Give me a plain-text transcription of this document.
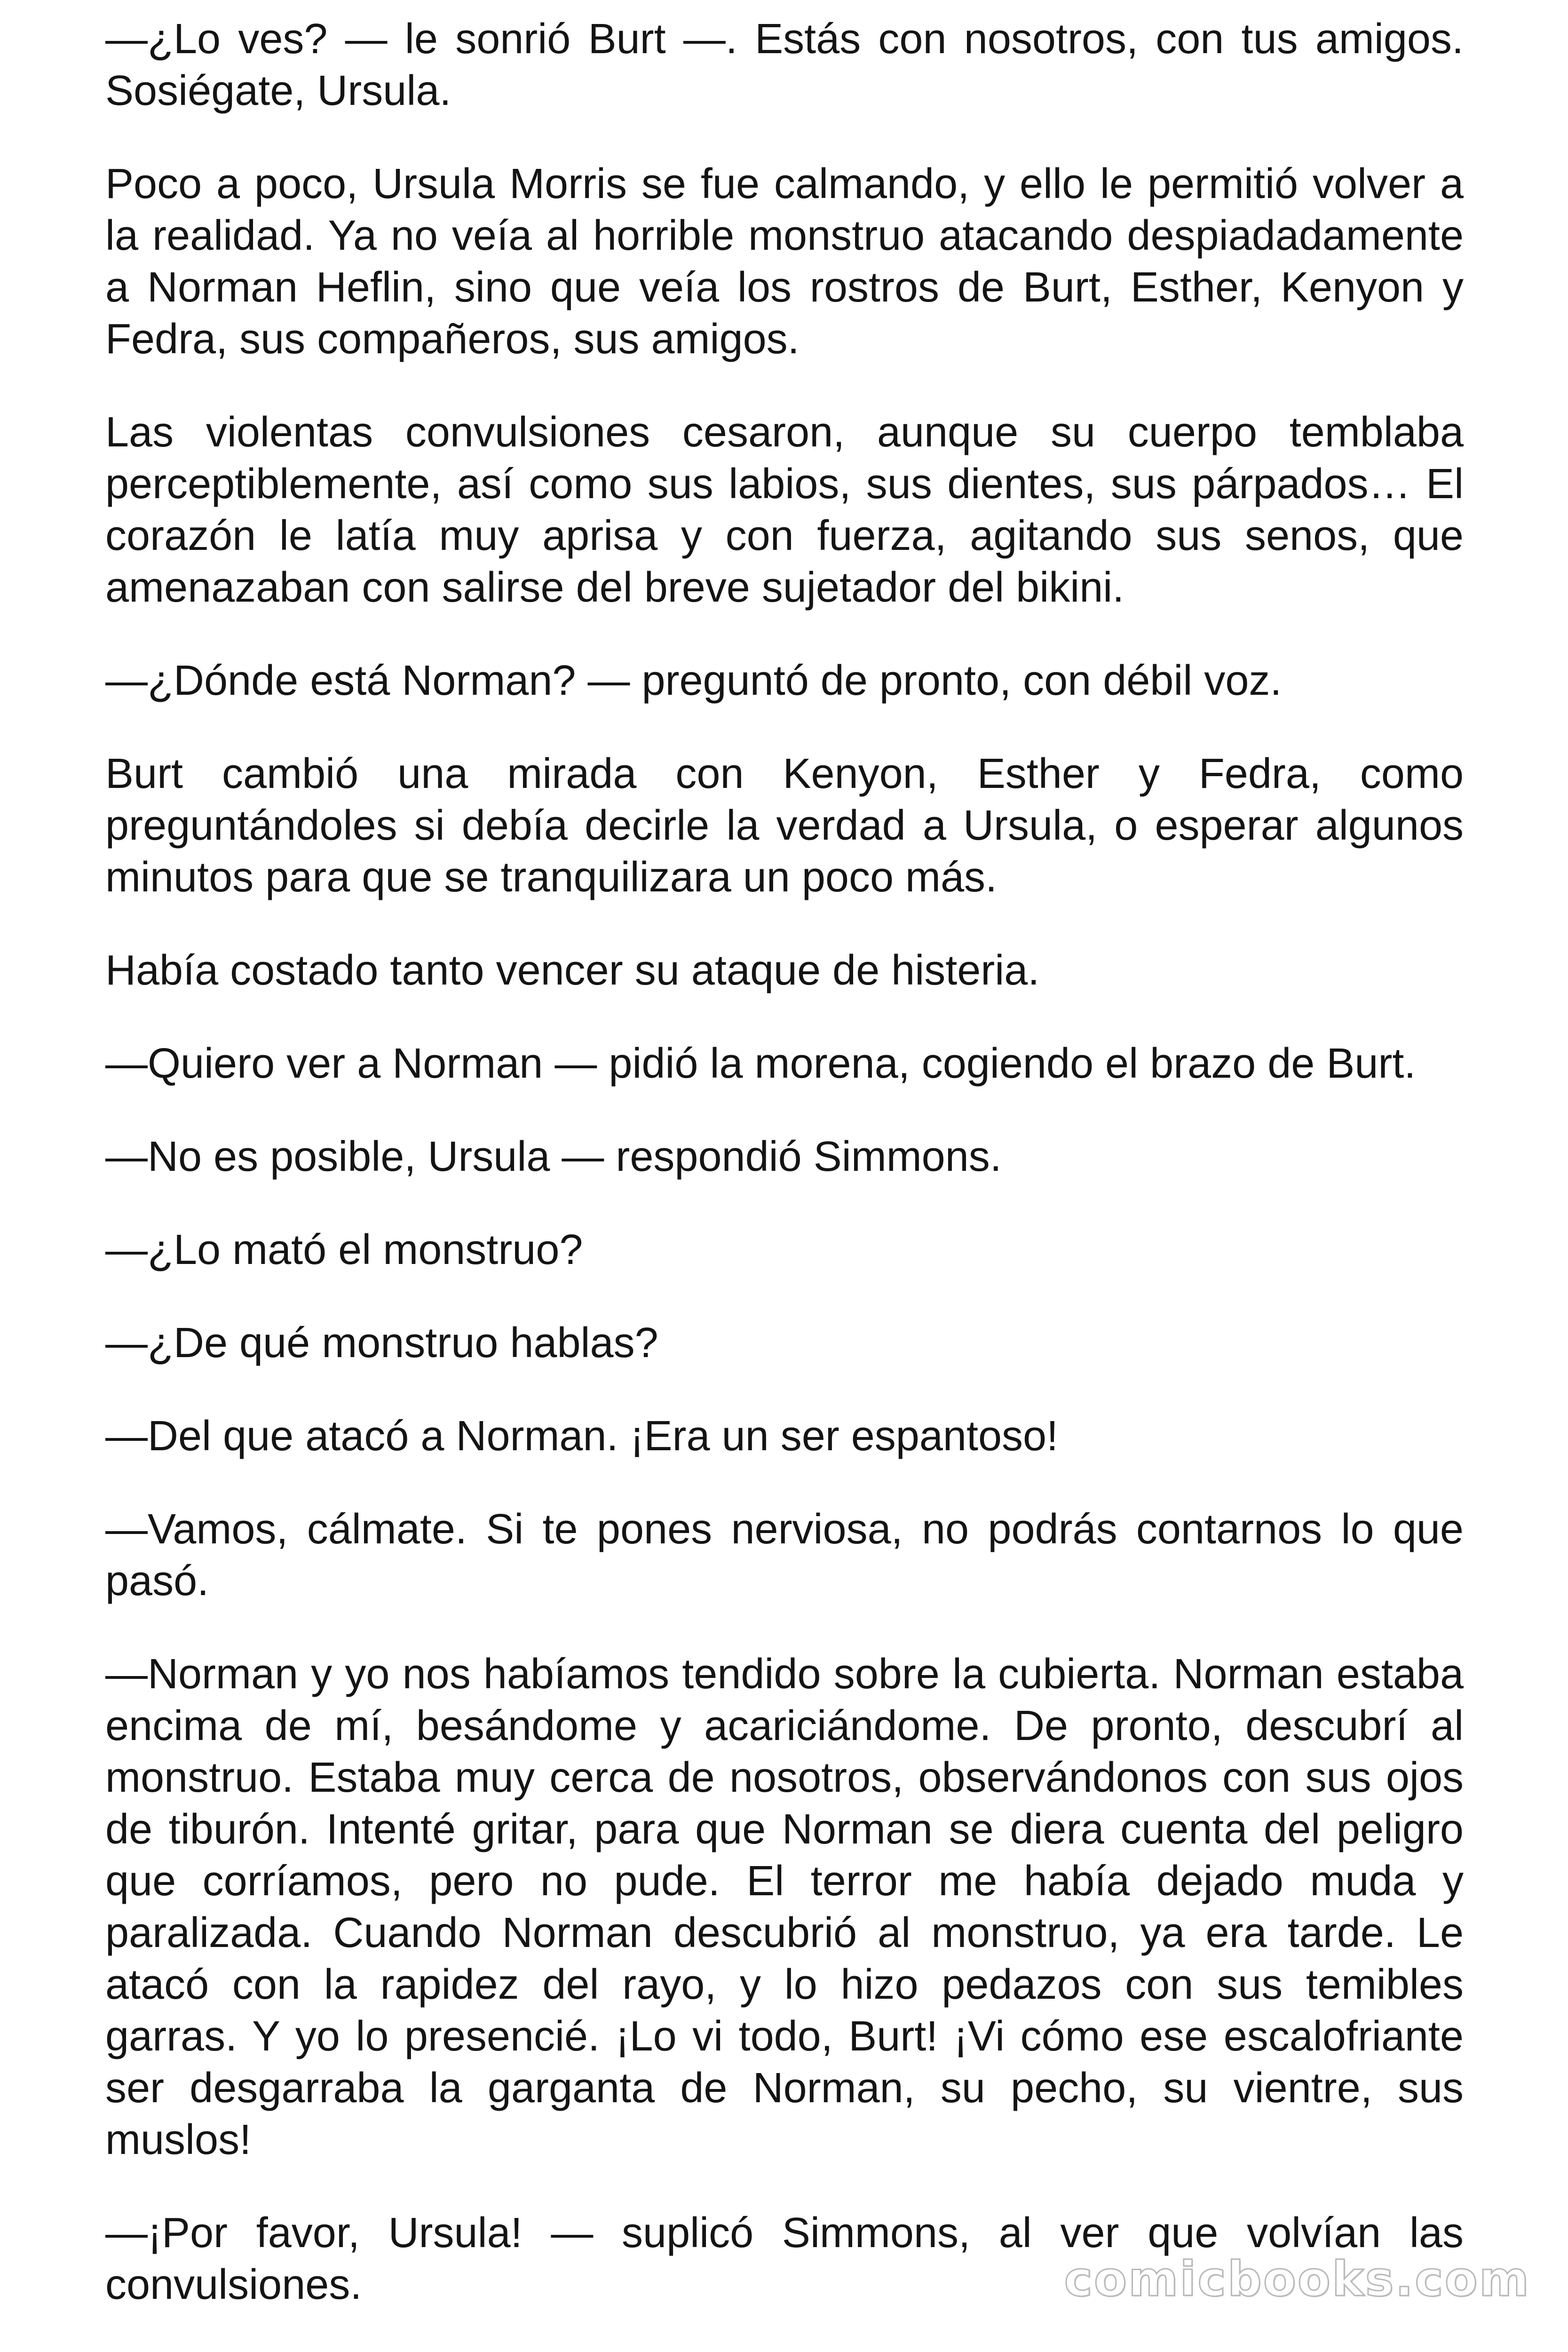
—¿Lo ves? — le sonrió Burt —. Estás con nosotros, con tus amigos. Sosiégate, Ursula.

Poco a poco, Ursula Morris se fue calmando, y ello le permitió volver a la realidad. Ya no veía al horrible monstruo atacando despiadadamente a Norman Heflin, sino que veía los rostros de Burt, Esther, Kenyon y Fedra, sus compañeros, sus amigos.

Las violentas convulsiones cesaron, aunque su cuerpo temblaba perceptiblemente, así como sus labios, sus dientes, sus párpados… El corazón le latía muy aprisa y con fuerza, agitando sus senos, que amenazaban con salirse del breve sujetador del bikini.

—¿Dónde está Norman? — preguntó de pronto, con débil voz.

Burt cambió una mirada con Kenyon, Esther y Fedra, como preguntándoles si debía decirle la verdad a Ursula, o esperar algunos minutos para que se tranquilizara un poco más.

Había costado tanto vencer su ataque de histeria.

—Quiero ver a Norman — pidió la morena, cogiendo el brazo de Burt.

—No es posible, Ursula — respondió Simmons.

—¿Lo mató el monstruo?

—¿De qué monstruo hablas?

—Del que atacó a Norman. ¡Era un ser espantoso!

—Vamos, cálmate. Si te pones nerviosa, no podrás contarnos lo que pasó.

—Norman y yo nos habíamos tendido sobre la cubierta. Norman estaba encima de mí, besándome y acariciándome. De pronto, descubrí al monstruo. Estaba muy cerca de nosotros, observándonos con sus ojos de tiburón. Intenté gritar, para que Norman se diera cuenta del peligro que corríamos, pero no pude. El terror me había dejado muda y paralizada. Cuando Norman descubrió al monstruo, ya era tarde. Le atacó con la rapidez del rayo, y lo hizo pedazos con sus temibles garras. Y yo lo presencié. ¡Lo vi todo, Burt! ¡Vi cómo ese escalofriante ser desgarraba la garganta de Norman, su pecho, su vientre, sus muslos!

—¡Por favor, Ursula! — suplicó Simmons, al ver que volvían las convulsiones.	comicbooks.com
